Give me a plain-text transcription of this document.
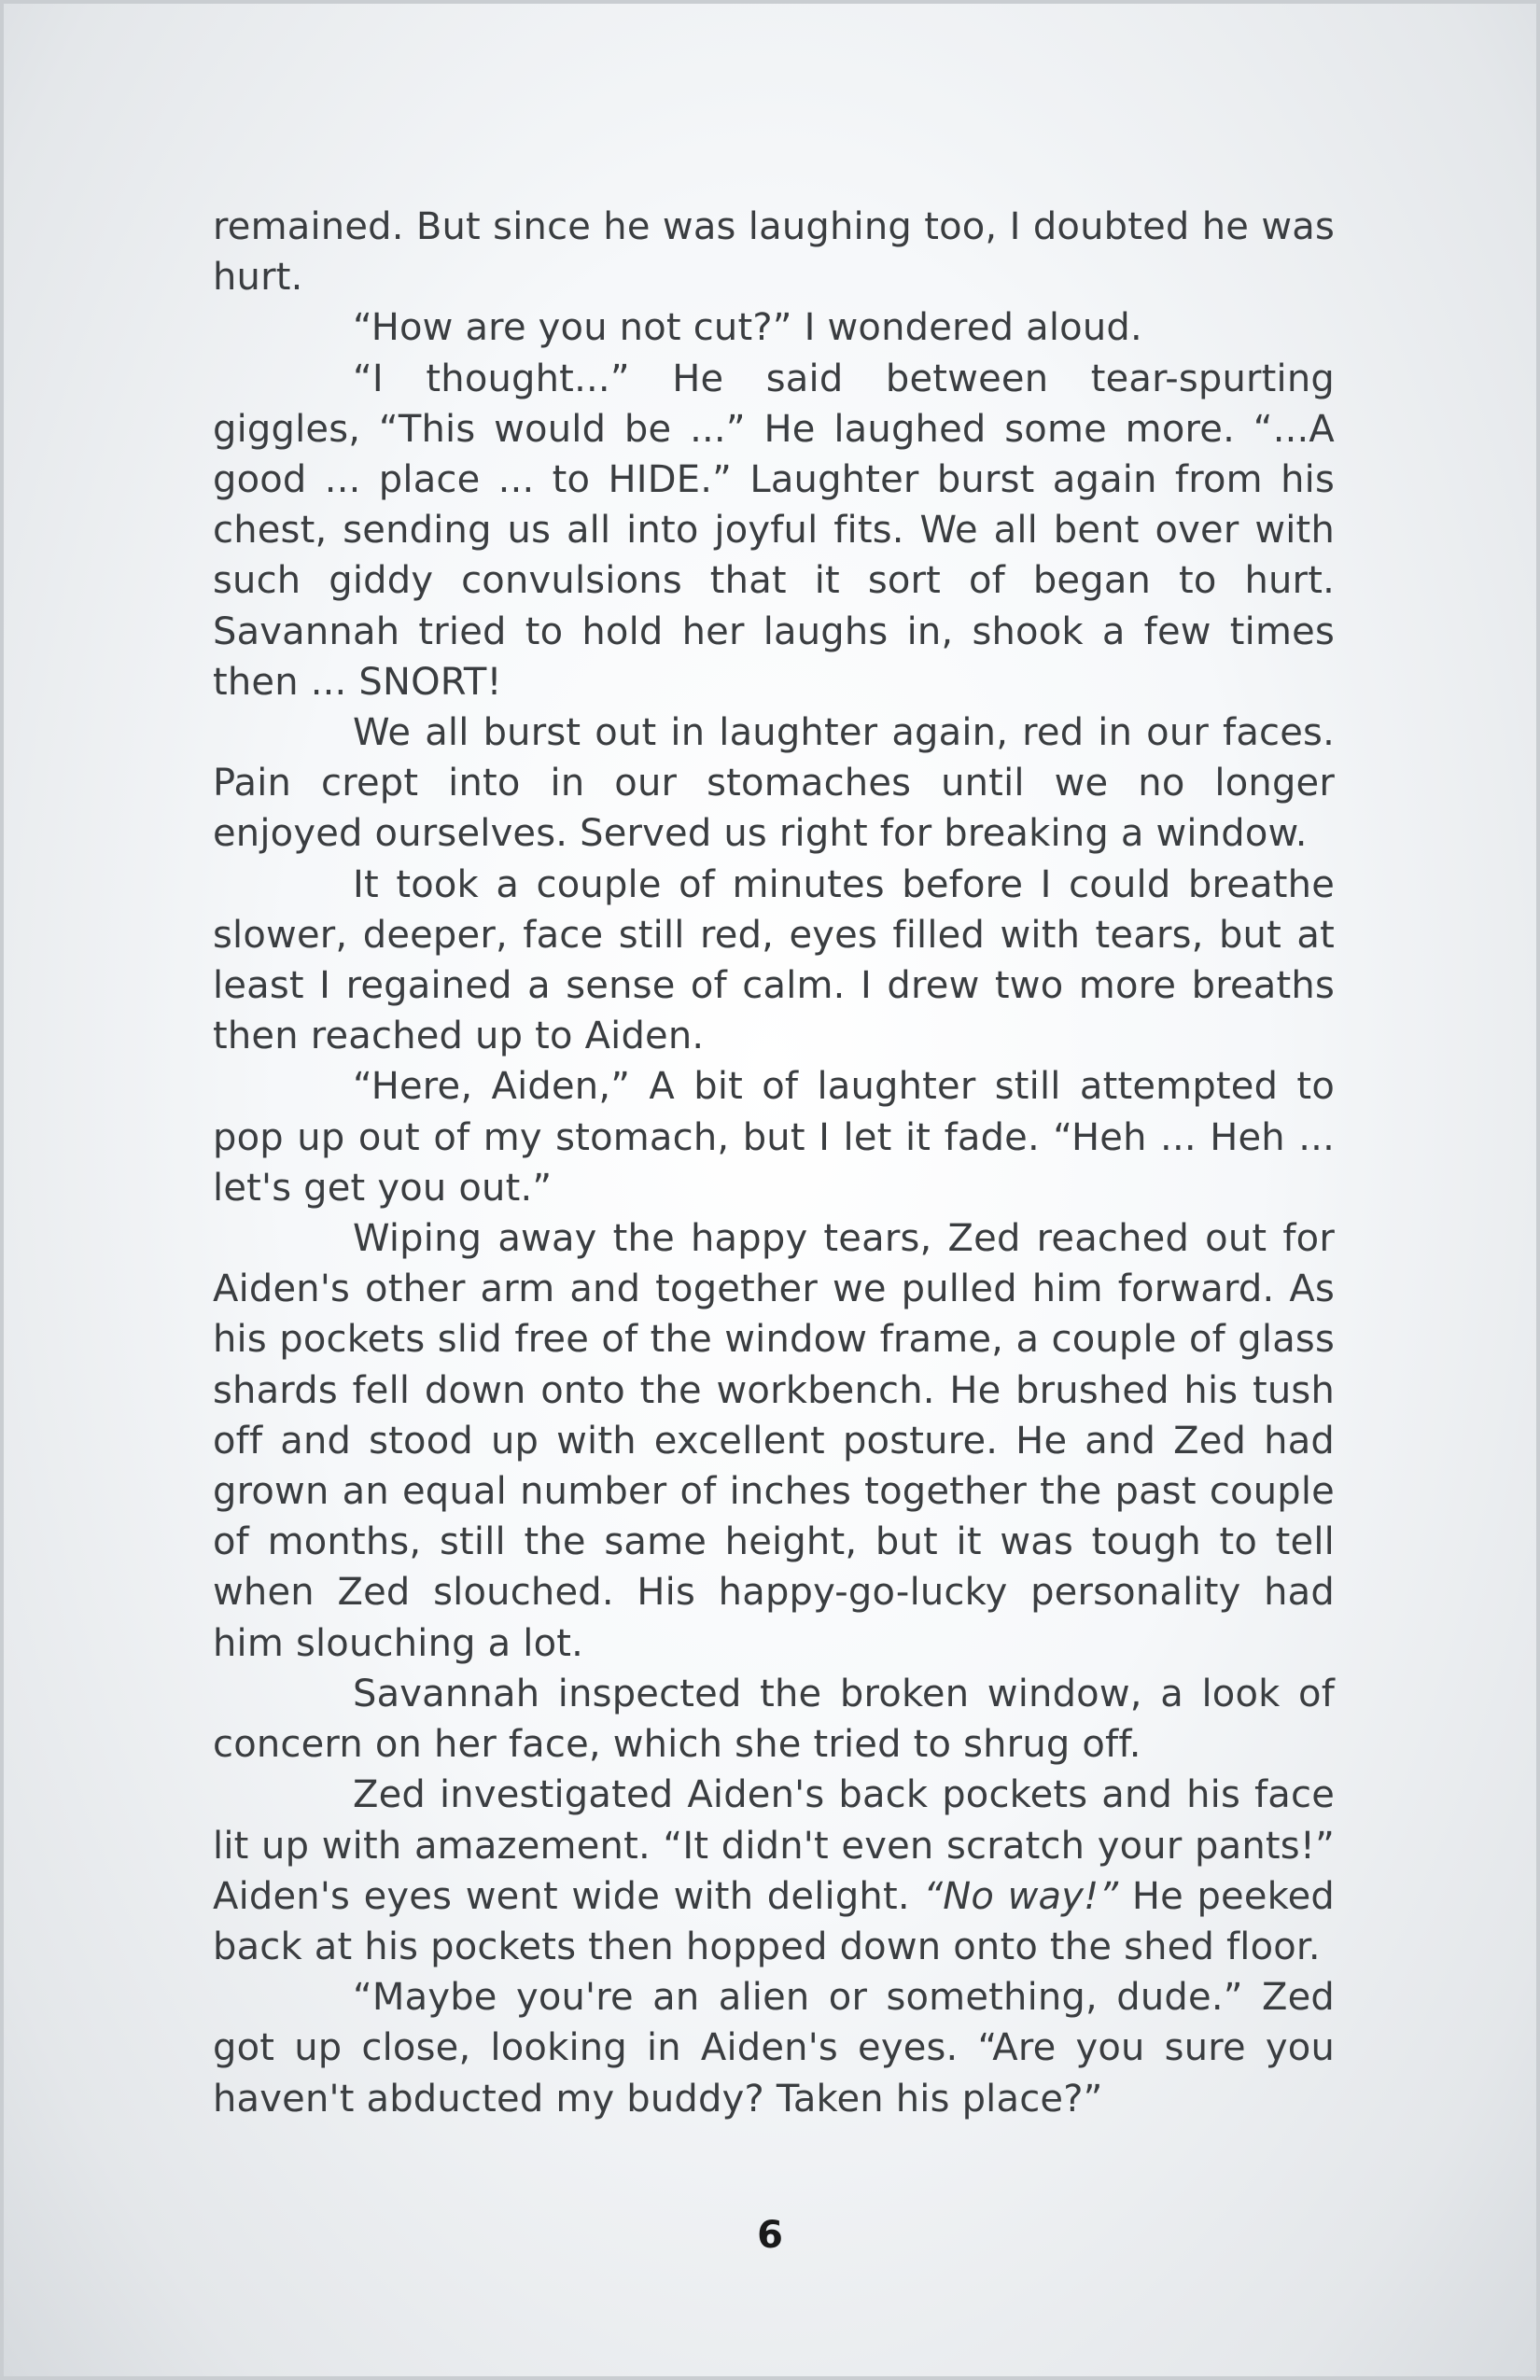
remained. But since he was laughing too, I doubted he was hurt.

“How are you not cut?” I wondered aloud.

“I thought...” He said between tear-spurting giggles, “This would be ...” He laughed some more. “...A good ... place ... to HIDE.” Laughter burst again from his chest, sending us all into joyful fits. We all bent over with such giddy convulsions that it sort of began to hurt. Savannah tried to hold her laughs in, shook a few times then ... SNORT!

We all burst out in laughter again, red in our faces. Pain crept into in our stomaches until we no longer enjoyed ourselves. Served us right for breaking a window.

It took a couple of minutes before I could breathe slower, deeper, face still red, eyes filled with tears, but at least I regained a sense of calm. I drew two more breaths then reached up to Aiden.

“Here, Aiden,” A bit of laughter still attempted to pop up out of my stomach, but I let it fade. “Heh ... Heh ... let's get you out.”

Wiping away the happy tears, Zed reached out for Aiden's other arm and together we pulled him forward. As his pockets slid free of the window frame, a couple of glass shards fell down onto the workbench. He brushed his tush off and stood up with excellent posture. He and Zed had grown an equal number of inches together the past couple of months, still the same height, but it was tough to tell when Zed slouched. His happy-go-lucky personality had him slouching a lot.

Savannah inspected the broken window, a look of concern on her face, which she tried to shrug off.

Zed investigated Aiden's back pockets and his face lit up with amazement. “It didn't even scratch your pants!” Aiden's eyes went wide with delight. “No way!” He peeked back at his pockets then hopped down onto the shed floor.

“Maybe you're an alien or something, dude.” Zed got up close, looking in Aiden's eyes. “Are you sure you haven't abducted my buddy? Taken his place?”

6
